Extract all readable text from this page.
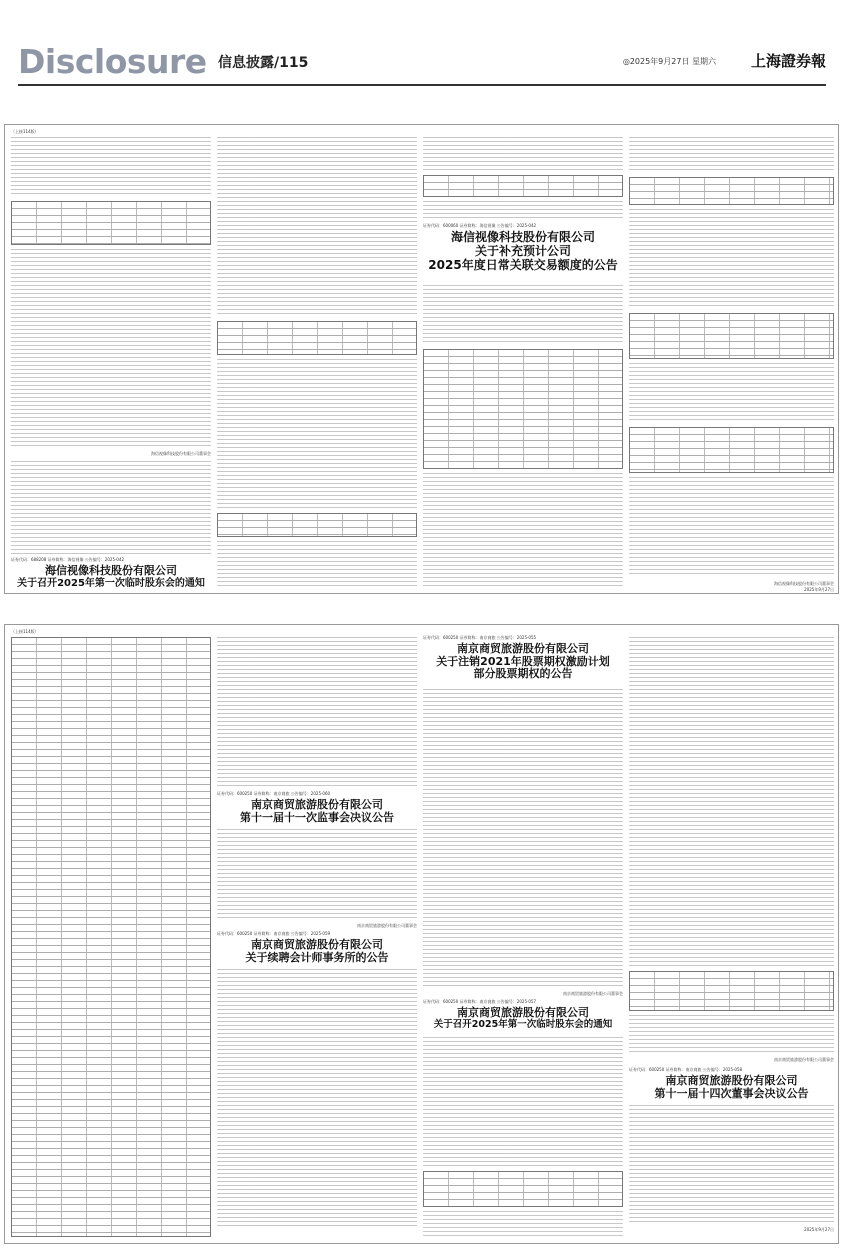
Disclosure 信息披露/115	◎2025年9月27日 星期六 上海證券報
（上接114版）
海信视像科技股份有限公司董事会
证券代码：688208 证券简称：海信视像 公告编号：2025-042
海信视像科技股份有限公司
关于召开2025年第一次临时股东会的通知
证券代码：600060 证券简称：海信视像 公告编号：2025-042
海信视像科技股份有限公司
关于补充预计公司
2025年度日常关联交易额度的公告
海信视像科技股份有限公司董事会
2025年9月27日
（上接114版）
证券代码：600250 证券简称：南京商旅 公告编号：2025-060
南京商贸旅游股份有限公司
第十一届十一次监事会决议公告
南京商贸旅游股份有限公司董事会
证券代码：600250 证券简称：南京商旅 公告编号：2025-059
南京商贸旅游股份有限公司
关于续聘会计师事务所的公告
证券代码：600250 证券简称：南京商旅 公告编号：2025-055
南京商贸旅游股份有限公司
关于注销2021年股票期权激励计划
部分股票期权的公告
南京商贸旅游股份有限公司董事会
证券代码：600250 证券简称：南京商旅 公告编号：2025-057
南京商贸旅游股份有限公司
关于召开2025年第一次临时股东会的通知
南京商贸旅游股份有限公司董事会
证券代码：600250 证券简称：南京商旅 公告编号：2025-058
南京商贸旅游股份有限公司
第十一届十四次董事会决议公告
2025年9月27日
